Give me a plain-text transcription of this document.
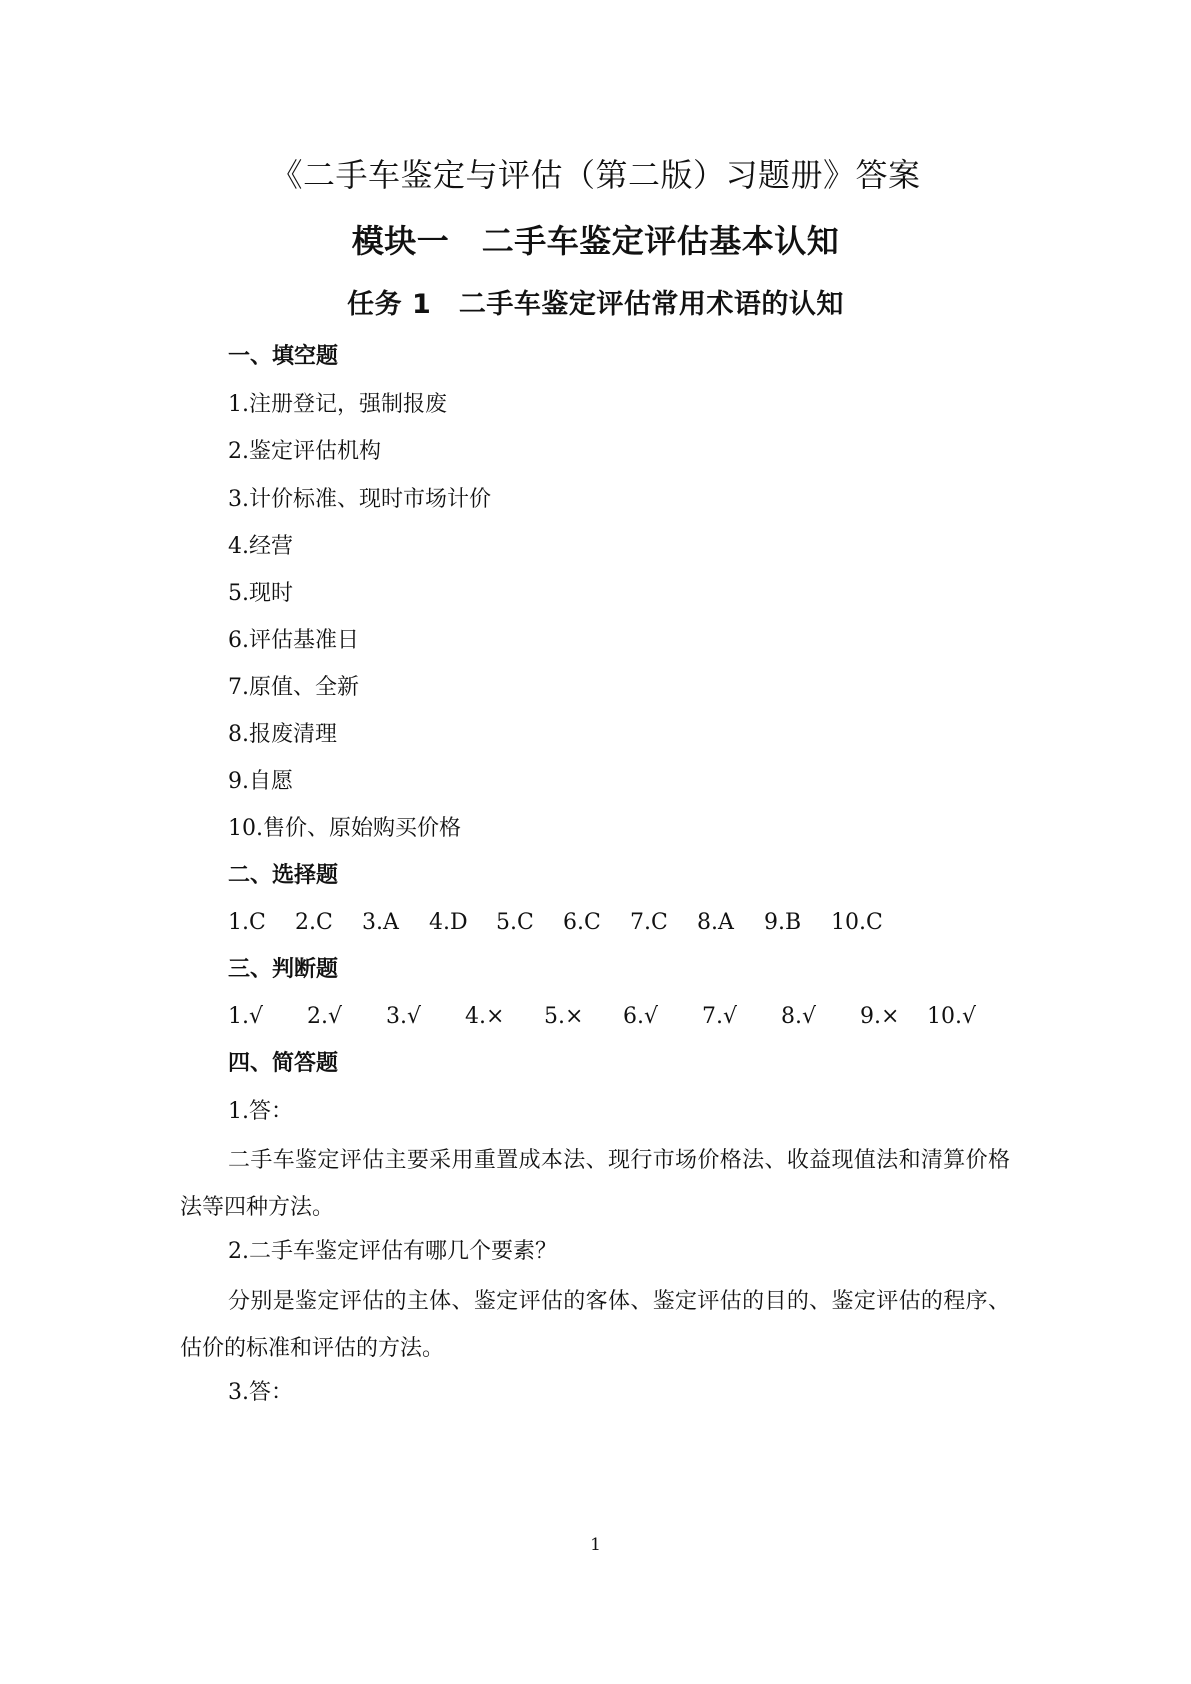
《二手车鉴定与评估（第二版）习题册》答案
模块一　二手车鉴定评估基本认知
任务 1　二手车鉴定评估常用术语的认知
一、填空题
1.注册登记，强制报废
2.鉴定评估机构
3.计价标准、现时市场计价
4.经营
5.现时
6.评估基准日
7.原值、全新
8.报废清理
9.自愿
10.售价、原始购买价格
二、选择题
1.C 2.C 3.A 4.D 5.C 6.C 7.C 8.A 9.B 10.C
三、判断题
1.√ 2.√ 3.√ 4.× 5.× 6.√ 7.√ 8.√ 9.× 10.√
四、简答题
1.答：
二手车鉴定评估主要采用重置成本法、现行市场价格法、收益现值法和清算价格法等四种方法。
2.二手车鉴定评估有哪几个要素？
分别是鉴定评估的主体、鉴定评估的客体、鉴定评估的目的、鉴定评估的程序、估价的标准和评估的方法。
3.答：
1
